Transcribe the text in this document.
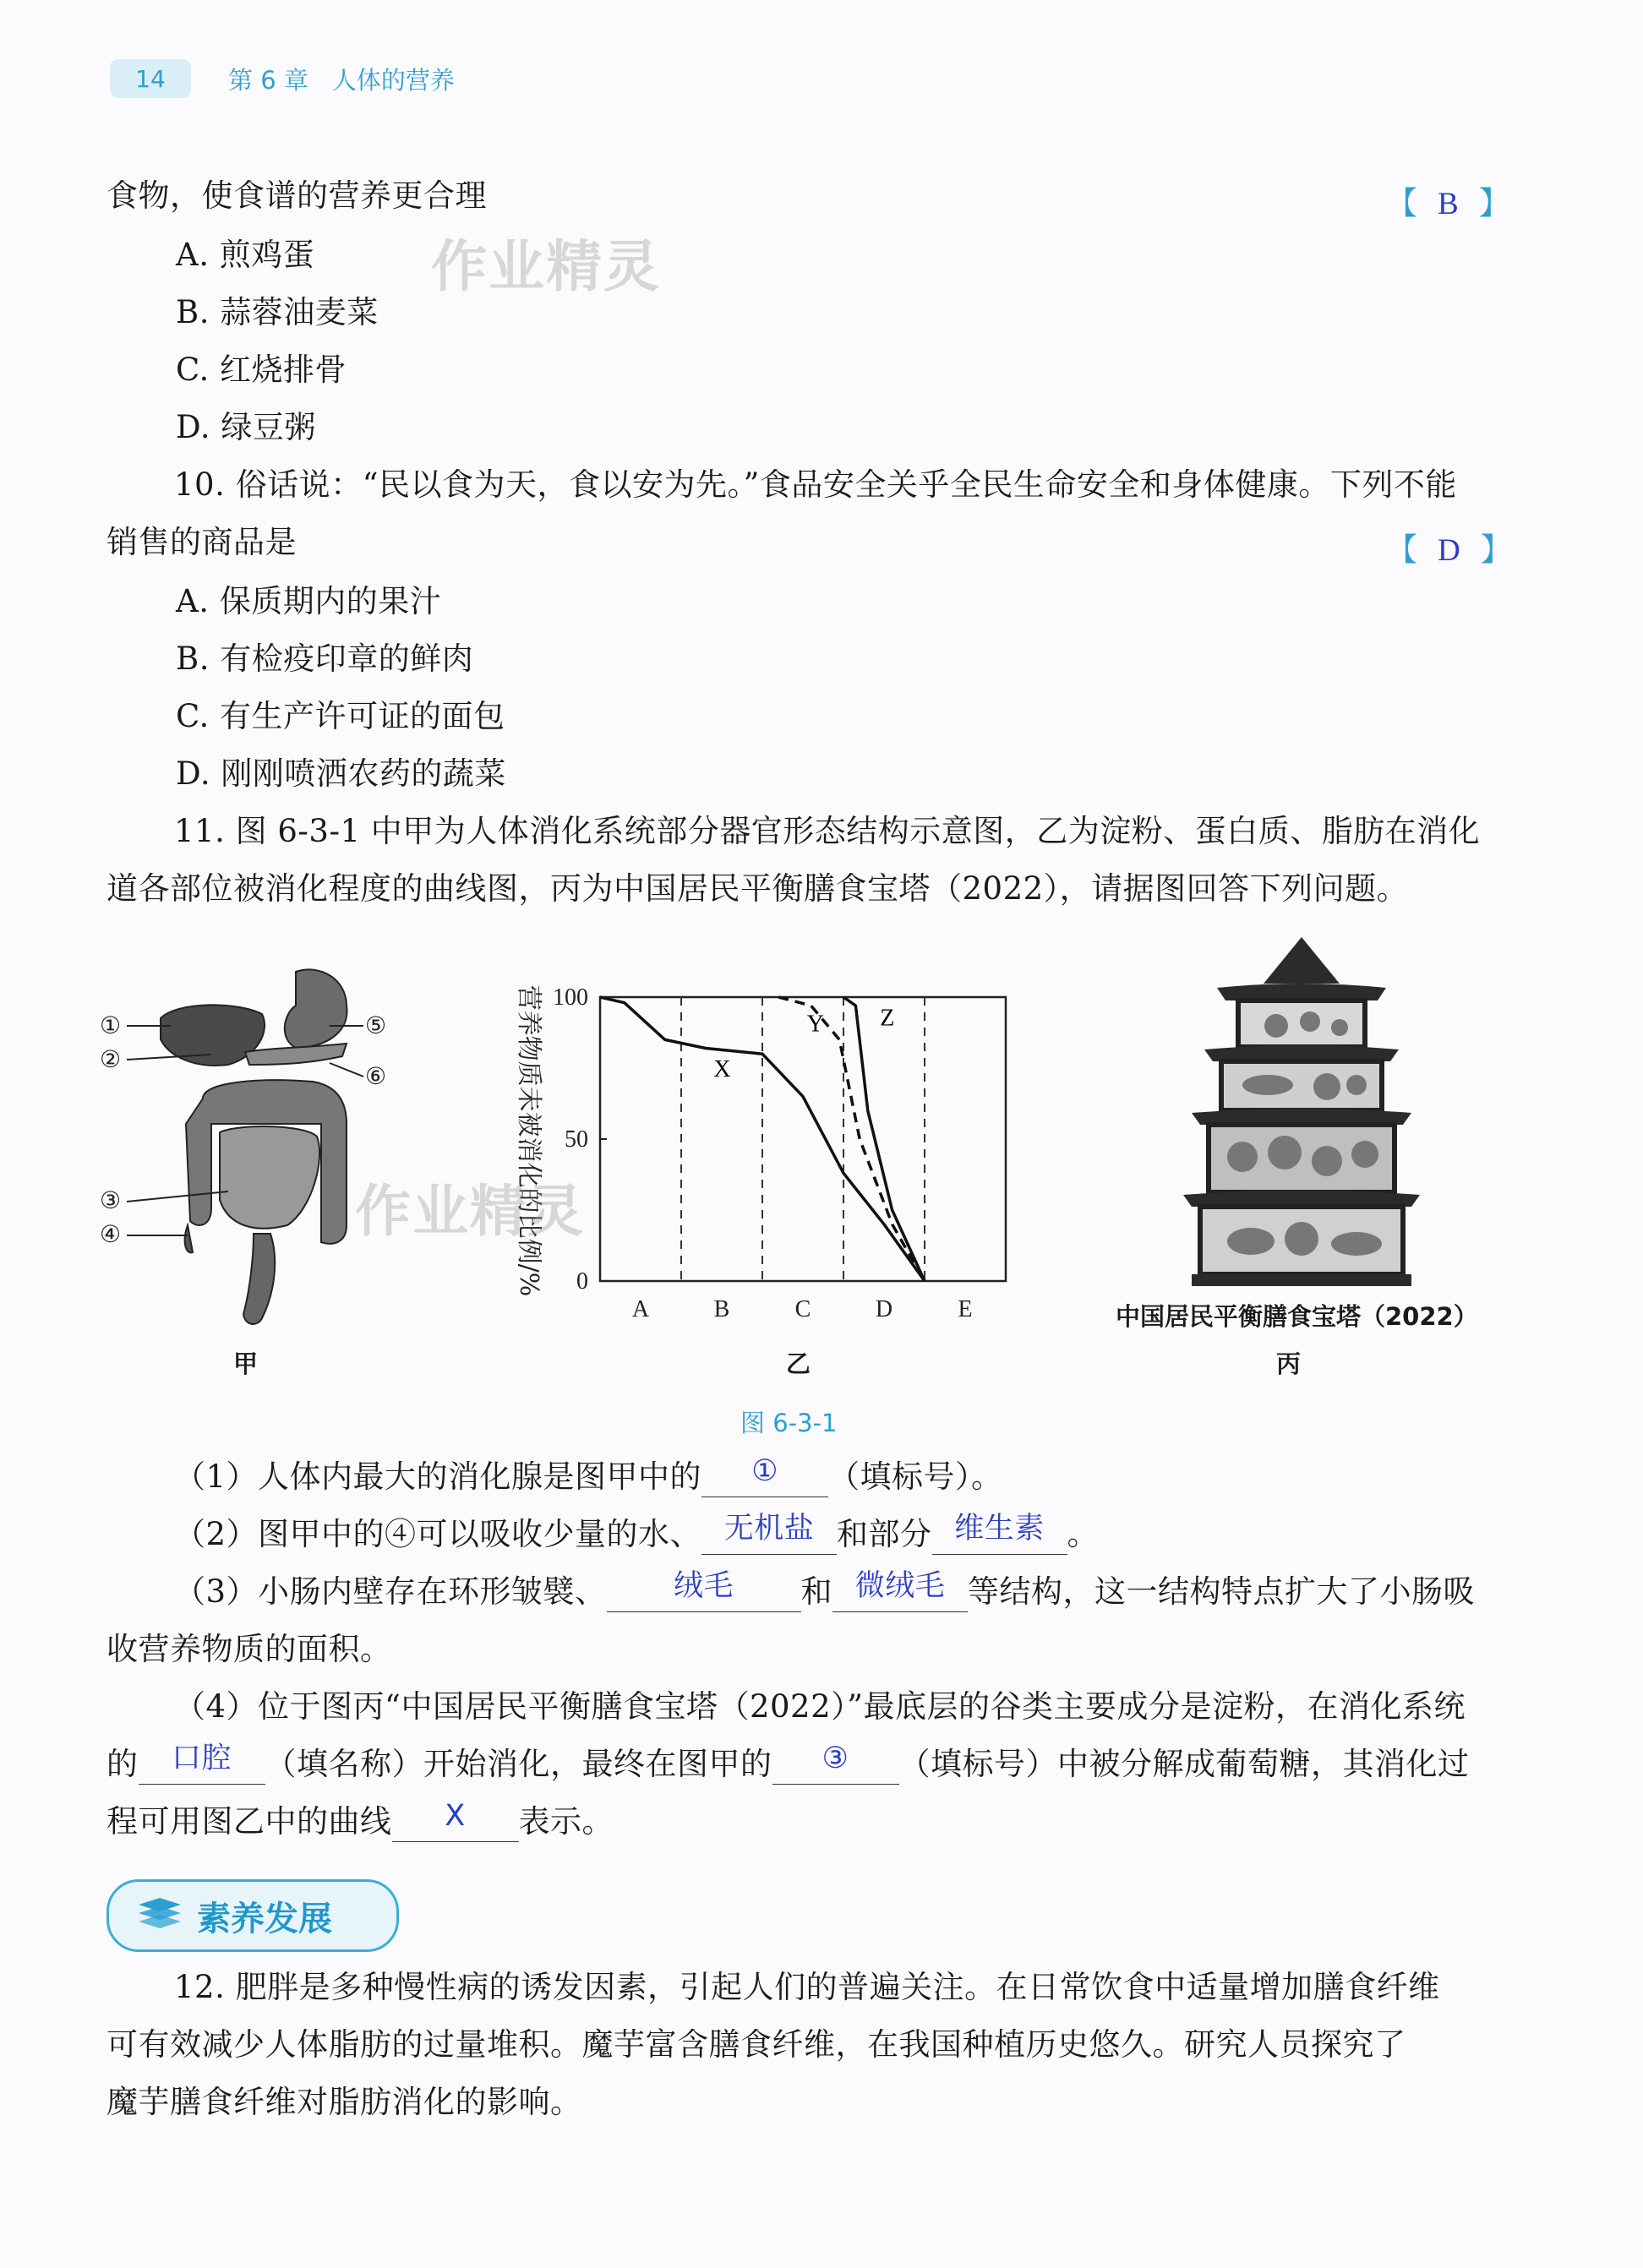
14	第 6 章 人体的营养
食物，使食谱的营养更合理	【 B 】
A. 煎鸡蛋
B. 蒜蓉油麦菜
C. 红烧排骨
D. 绿豆粥
10. 俗话说：“民以食为天，食以安为先。”食品安全关乎全民生命安全和身体健康。下列不能
销售的商品是	【 D 】
A. 保质期内的果汁
B. 有检疫印章的鲜肉
C. 有生产许可证的面包
D. 刚刚喷洒农药的蔬菜
11. 图 6-3-1 中甲为人体消化系统部分器官形态结构示意图，乙为淀粉、蛋白质、脂肪在消化
道各部位被消化程度的曲线图，丙为中国居民平衡膳食宝塔（2022），请据图回答下列问题。
①
②
③
④
⑤
⑥
甲
营养物质未被消化的比例/% 100
50
0
A	B	C	D	E
X
Y Z
乙
中国居民平衡膳食宝塔（2022）
丙
图 6-3-1
（1）人体内最大的消化腺是图甲中的 ① （填标号）。
（2）图甲中的④可以吸收少量的水、 无机盐 和部分 维生素 。
（3）小肠内壁存在环形皱襞、 绒毛 和 微绒毛 等结构，这一结构特点扩大了小肠吸
收营养物质的面积。
（4）位于图丙“中国居民平衡膳食宝塔（2022）”最底层的谷类主要成分是淀粉，在消化系统
的 口腔 （填名称）开始消化，最终在图甲的 ③ （填标号）中被分解成葡萄糖，其消化过
程可用图乙中的曲线 X 表示。
素养发展
12. 肥胖是多种慢性病的诱发因素，引起人们的普遍关注。在日常饮食中适量增加膳食纤维
可有效减少人体脂肪的过量堆积。魔芋富含膳食纤维，在我国种植历史悠久。研究人员探究了
魔芋膳食纤维对脂肪消化的影响。
作业精灵
作业精灵
